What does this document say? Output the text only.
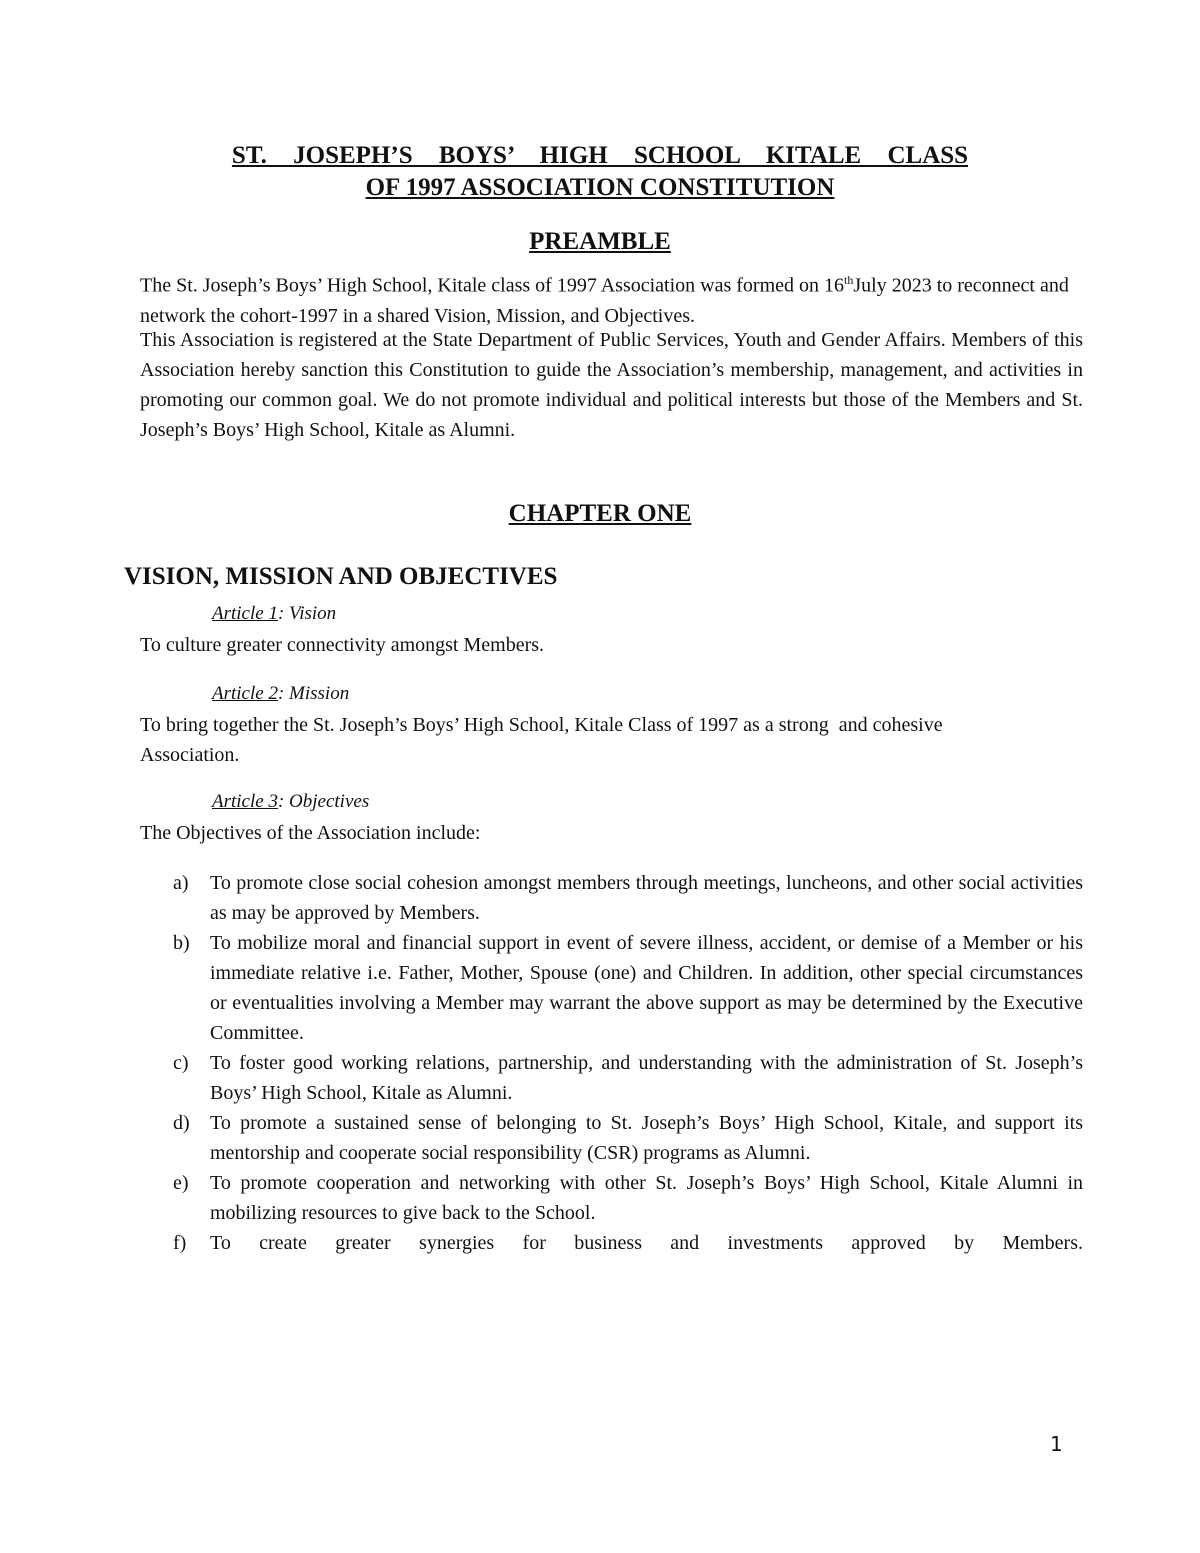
ST. JOSEPH’S BOYS’ HIGH SCHOOL KITALE CLASS
OF 1997 ASSOCIATION CONSTITUTION
PREAMBLE
The St. Joseph’s Boys’ High School, Kitale class of 1997 Association was formed on 16thJuly 2023 to reconnect and network the cohort-1997 in a shared Vision, Mission, and Objectives.
This Association is registered at the State Department of Public Services, Youth and Gender Affairs. Members of this Association hereby sanction this Constitution to guide the Association’s membership, management, and activities in promoting our common goal. We do not promote individual and political interests but those of the Members and St. Joseph’s Boys’ High School, Kitale as Alumni.
CHAPTER ONE
VISION, MISSION AND OBJECTIVES
Article 1: Vision
To culture greater connectivity amongst Members.
Article 2: Mission
To bring together the St. Joseph’s Boys’ High School, Kitale Class of 1997 as a strong  and cohesive Association.
Article 3: Objectives
The Objectives of the Association include:
a) To promote close social cohesion amongst members through meetings, luncheons, and other social activities as may be approved by Members.
b) To mobilize moral and financial support in event of severe illness, accident, or demise of a Member or his immediate relative i.e. Father, Mother, Spouse (one) and Children. In addition, other special circumstances or eventualities involving a Member may warrant the above support as may be determined by the Executive Committee.
c) To foster good working relations, partnership, and understanding with the administration of St. Joseph’s Boys’ High School, Kitale as Alumni.
d) To promote a sustained sense of belonging to St. Joseph’s Boys’ High School, Kitale, and support its mentorship and cooperate social responsibility (CSR) programs as Alumni.
e) To promote cooperation and networking with other St. Joseph’s Boys’ High School, Kitale Alumni in mobilizing resources to give back to the School.
f) To create greater synergies for business and investments approved by Members.
1
